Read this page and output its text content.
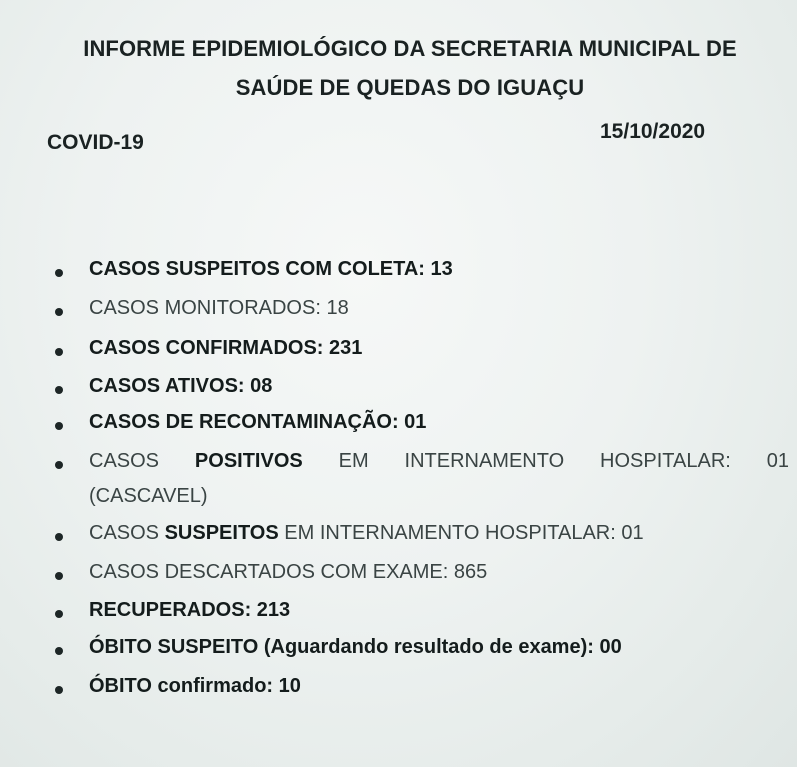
INFORME EPIDEMIOLÓGICO DA SECRETARIA MUNICIPAL DE
SAÚDE DE QUEDAS DO IGUAÇU
COVID-19	15/10/2020
CASOS SUSPEITOS COM COLETA: 13
CASOS MONITORADOS: 18
CASOS CONFIRMADOS: 231
CASOS ATIVOS: 08
CASOS DE RECONTAMINAÇÃO: 01
CASOS POSITIVOS EM INTERNAMENTO HOSPITALAR: 01
(CASCAVEL)
CASOS SUSPEITOS EM INTERNAMENTO HOSPITALAR: 01
CASOS DESCARTADOS COM EXAME: 865
RECUPERADOS: 213
ÓBITO SUSPEITO (Aguardando resultado de exame): 00
ÓBITO confirmado: 10
